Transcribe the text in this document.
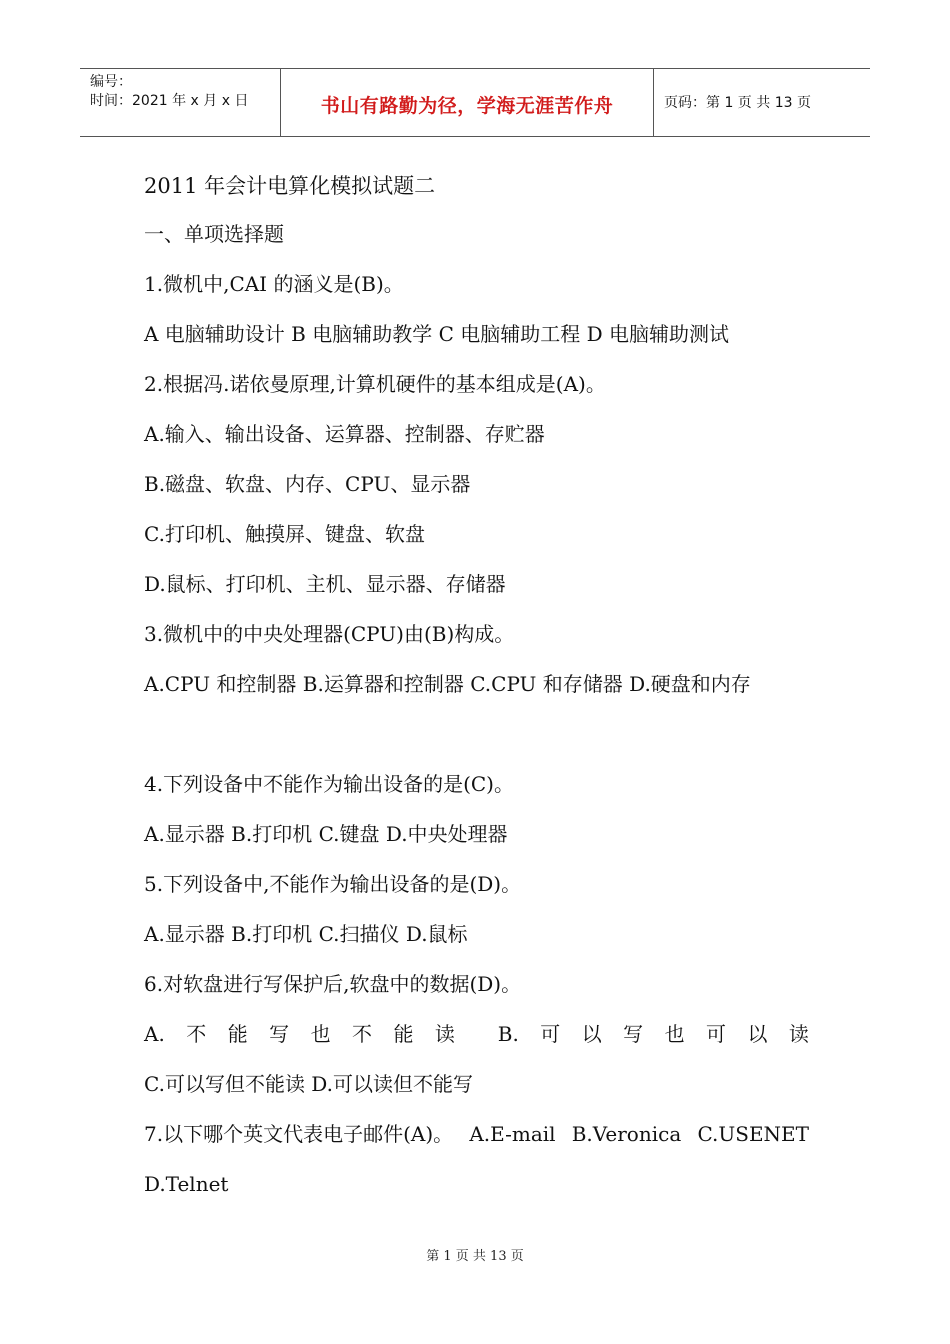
编号：
时间：2021 年 x 月 x 日	书山有路勤为径，学海无涯苦作舟	页码：第 1 页 共 13 页
2011 年会计电算化模拟试题二
一、单项选择题
1.微机中,CAI 的涵义是(B)。
A 电脑辅助设计 B 电脑辅助教学 C 电脑辅助工程 D 电脑辅助测试
2.根据冯.诺依曼原理,计算机硬件的基本组成是(A)。
A.输入、输出设备、运算器、控制器、存贮器
B.磁盘、软盘、内存、CPU、显示器
C.打印机、触摸屏、键盘、软盘
D.鼠标、打印机、主机、显示器、存储器
3.微机中的中央处理器(CPU)由(B)构成。
A.CPU 和控制器 B.运算器和控制器 C.CPU 和存储器 D.硬盘和内存
4.下列设备中不能作为输出设备的是(C)。
A.显示器 B.打印机 C.键盘 D.中央处理器
5.下列设备中,不能作为输出设备的是(D)。
A.显示器 B.打印机 C.扫描仪 D.鼠标
6.对软盘进行写保护后,软盘中的数据(D)。
A. 不 能 写 也 不 能 读 B. 可 以 写 也 可 以 读
C.可以写但不能读 D.可以读但不能写
7.以下哪个英文代表电子邮件(A)。 A.E-mail B.Veronica C.USENET
D.Telnet
第 1 页 共 13 页
